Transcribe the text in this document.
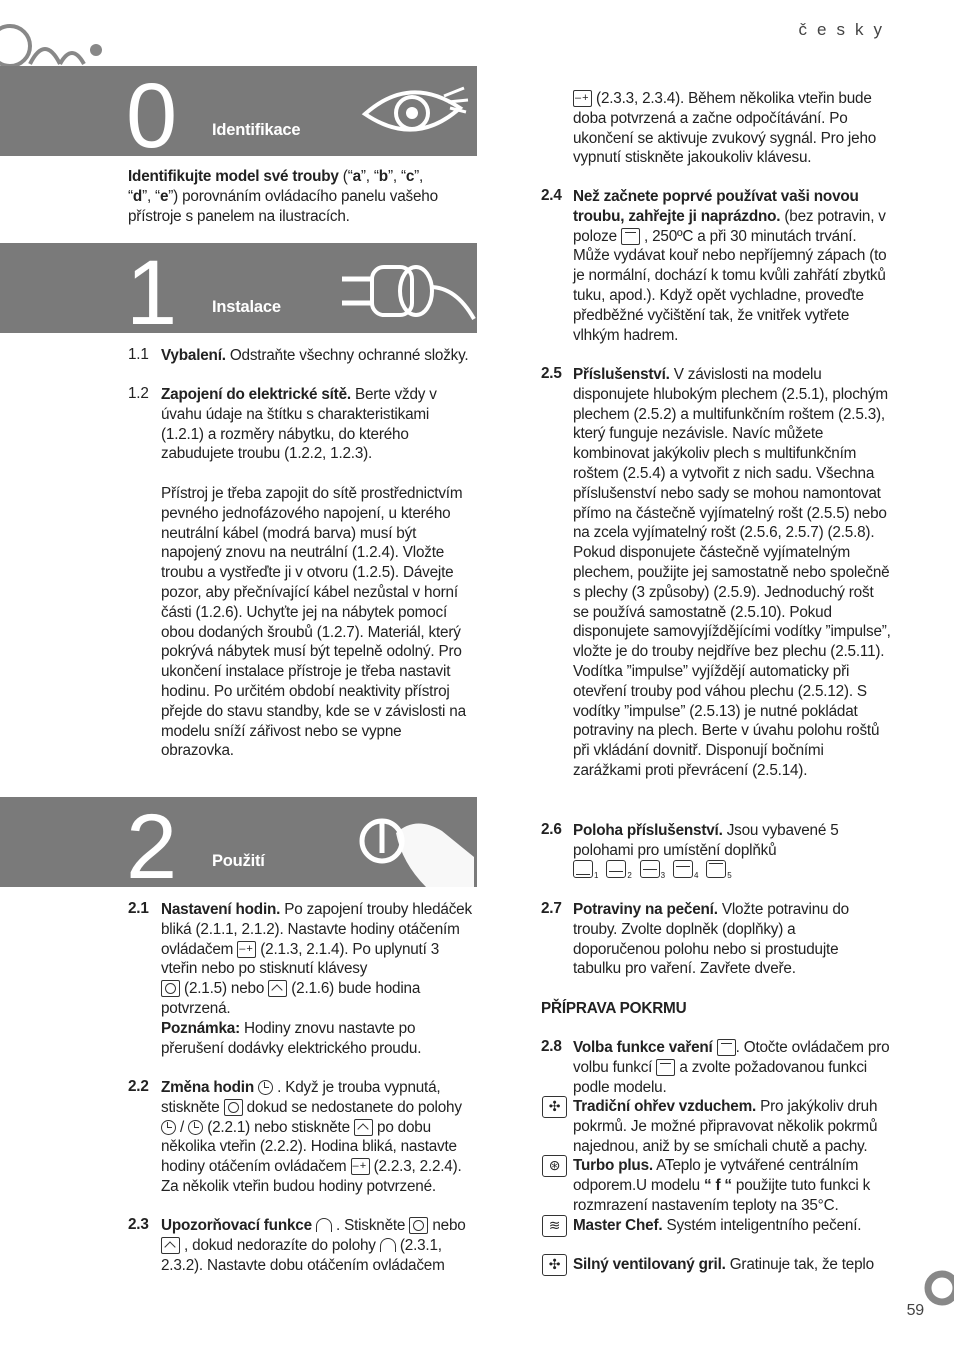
česky
0 Identifikace
Identifikujte model své trouby (“a”, “b”, “c”,
“d”, “e”) porovnáním ovládacího panelu vašeho přístroje s panelem na ilustracích.
1 Instalace
1.1 Vybalení. Odstraňte všechny ochranné složky.
1.2 Zapojení do elektrické sítě. Berte vždy v úvahu údaje na štítku s charakteristikami (1.2.1) a rozměry nábytku, do kterého zabudujete troubu (1.2.2, 1.2.3).
Přístroj je třeba zapojit do sítě prostřednictvím pevného jednofázového napojení, u kterého neutrální kábel (modrá barva) musí být napojený znovu na neutrální (1.2.4). Vložte troubu a vystřeďte ji v otvoru (1.2.5). Dávejte pozor, aby přečnívající kábel nezůstal v horní části (1.2.6). Uchyťte jej na nábytek pomocí obou dodaných šroubů (1.2.7). Materiál, který pokrývá nábytek musí být tepelně odolný. Pro ukončení instalace přístroje je třeba nastavit hodinu. Po určitém období neaktivity přístroj přejde do stavu standby, kde se v závislosti na modelu sníží zářivost nebo se vypne obrazovka.
2 Použití
2.1 Nastavení hodin. Po zapojení trouby hledáček bliká (2.1.1, 2.1.2). Nastavte hodiny otáčením ovládačem – + (2.1.3, 2.1.4). Po uplynutí 3 vteřin nebo po stisknutí klávesy
(2.1.5) nebo  (2.1.6) bude hodina potvrzená.
Poznámka: Hodiny znovu nastavte po přerušení dodávky elektrického proudu.
2.2 Změna hodin  . Když je trouba vypnutá, stiskněte  dokud se nedostanete do polohy
/  (2.2.1) nebo stiskněte  po dobu několika vteřin (2.2.2). Hodina bliká, nastavte hodiny otáčením ovládačem – + (2.2.3, 2.2.4). Za několik vteřin budou hodiny potvrzené.
2.3 Upozorňovací funkce  . Stiskněte  nebo
, dokud nedorazíte do polohy  (2.3.1, 2.3.2). Nastavte dobu otáčením ovládačem
– + (2.3.3, 2.3.4). Během několika vteřin bude doba potvrzená a začne odpočítávání. Po ukončení se aktivuje zvukový sygnál. Pro jeho vypnutí stiskněte jakoukoliv klávesu.
2.4 Než začnete poprvé používat vaši novou troubu, zahřejte ji naprázdno. (bez potravin, v poloze  , 250ºC a při 30 minutách trvání. Může vydávat kouř nebo nepříjemný zápach (to je normální, dochází k tomu kvůli zahřátí zbytků tuku, apod.). Když opět vychladne, proveďte předběžné vyčištění tak, že vnitřek vytřete vlhkým hadrem.
2.5 Příslušenství. V závislosti na modelu disponujete hlubokým plechem (2.5.1), plochým plechem (2.5.2) a multifunkčním roštem (2.5.3), který funguje nezávisle. Navíc můžete kombinovat jakýkoliv plech s multifunkčním roštem (2.5.4) a vytvořit z nich sadu. Všechna příslušenství nebo sady se mohou namontovat přímo na částečně vyjímatelný rošt (2.5.5) nebo na zcela vyjímatelný rošt (2.5.6, 2.5.7) (2.5.8). Pokud disponujete částečně vyjímatelným plechem, použijte jej samostatně nebo společně s plechy (3 způsoby) (2.5.9). Jednoduchý rošt se používá samostatně (2.5.10). Pokud disponujete samovyjíždějícími vodítky ”impulse”, vložte je do trouby nejdříve bez plechu (2.5.11). Vodítka ”impulse” vyjíždějí automaticky při otevření trouby pod váhou plechu (2.5.12). S vodítky ”impulse” (2.5.13) je nutné pokládat potraviny na plech. Berte v úvahu polohu roštů při vkládání dovnitř. Disponují bočními zarážkami proti převrácení (2.5.14).
2.6 Poloha příslušenství. Jsou vybavené 5 polohami pro umístění doplňků
1	2	3	4	5
2.7 Potraviny na pečení. Vložte potravinu do trouby. Zvolte doplněk (doplňky) a doporučenou polohu nebo si prostudujte tabulku pro vaření. Zavřete dveře.
PŘÍPRAVA POKRMU
2.8 Volba funkce vaření . Otočte ovládačem pro volbu funkcí  a zvolte požadovanou funkci podle modelu.
✣ Tradiční ohřev vzduchem. Pro jakýkoliv druh pokrmů. Je možné připravovat několik pokrmů najednou, aniž by se smíchali chutě a pachy.
⊛ Turbo plus. ATeplo je vytvářené centrálním odporem.U modelu “ f “ použijte tuto funkci k rozmrazení nastavením teploty na 35°C.
≋ Master Chef. Systém inteligentního pečení.
✣ Silný ventilovaný gril. Gratinuje tak, že teplo
59
